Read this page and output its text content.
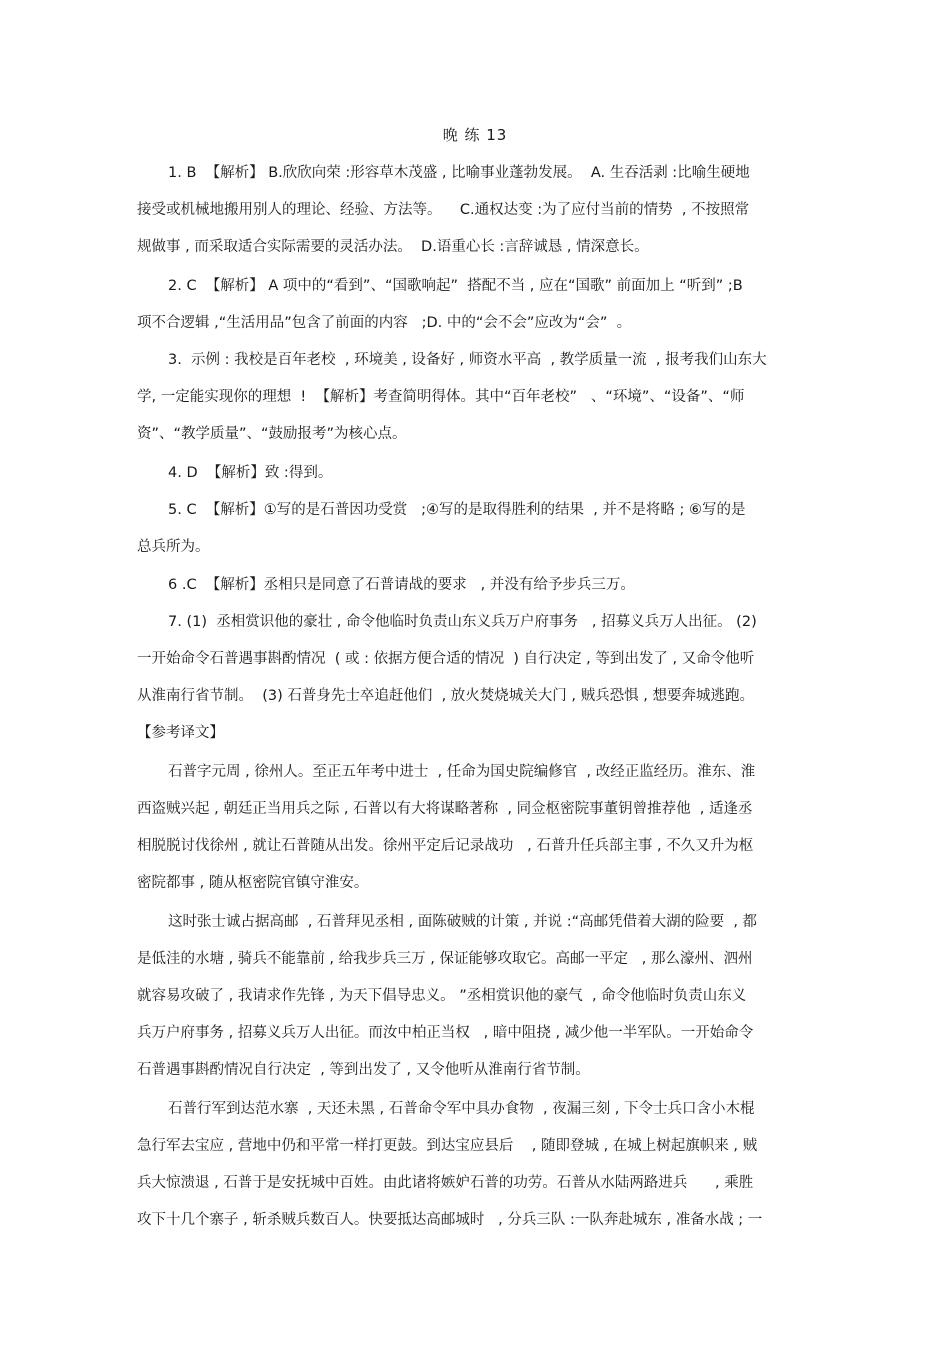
晚 练 13
1. B  【解析】 B.欣欣向荣 :形容草木茂盛 , 比喻事业蓬勃发展。  A. 生吞活剥 :比喻生硬地
接受或机械地搬用别人的理论、经验、方法等。    C.通权达变 :为了应付当前的情势  , 不按照常
规做事 , 而采取适合实际需要的灵活办法。  D.语重心长 :言辞诚恳 , 情深意长。
2. C  【解析】 A 项中的“看到”、“国歌响起”  搭配不当 , 应在“国歌” 前面加上 “听到” ;B
项不合逻辑 ,“生活用品”包含了前面的内容   ;D. 中的“会不会”应改为“会”  。
3.  示例 : 我校是百年老校  , 环境美 , 设备好 , 师资水平高  , 教学质量一流  , 报考我们山东大
学, 一定能实现你的理想  !  【解析】考查简明得体。其中“百年老校”   、“环境”、“设备”、“师
资”、“教学质量”、“鼓励报考”为核心点。
4. D  【解析】致 :得到。
5. C  【解析】①写的是石普因功受赏   ;④写的是取得胜利的结果  , 并不是将略 ; ⑥写的是
总兵所为。
6 .C  【解析】丞相只是同意了石普请战的要求   , 并没有给予步兵三万。
7. (1)  丞相赏识他的豪壮 , 命令他临时负责山东义兵万户府事务   , 招募义兵万人出征。 (2)
一开始命令石普遇事斟酌情况  ( 或 : 依据方便合适的情况  ) 自行决定 , 等到出发了 , 又命令他听
从淮南行省节制。  (3) 石普身先士卒追赶他们  , 放火焚烧城关大门 , 贼兵恐惧 , 想要奔城逃跑。
【参考译文】
石普字元周 , 徐州人。至正五年考中进士  , 任命为国史院编修官  , 改经正监经历。淮东、淮
西盗贼兴起 , 朝廷正当用兵之际 , 石普以有大将谋略著称  , 同佥枢密院事董钥曾推荐他  , 适逢丞
相脱脱讨伐徐州 , 就让石普随从出发。徐州平定后记录战功   , 石普升任兵部主事 , 不久又升为枢
密院都事 , 随从枢密院官镇守淮安。
这时张士诚占据高邮  , 石普拜见丞相 , 面陈破贼的计策 , 并说 :“高邮凭借着大湖的险要  , 都
是低洼的水塘 , 骑兵不能靠前 , 给我步兵三万 , 保证能够攻取它。高邮一平定   , 那么濠州、泗州
就容易攻破了 , 我请求作先锋 , 为天下倡导忠义。 ”丞相赏识他的豪气  , 命令他临时负责山东义
兵万户府事务 , 招募义兵万人出征。而汝中柏正当权   , 暗中阻挠 , 减少他一半军队。一开始命令
石普遇事斟酌情况自行决定  , 等到出发了 , 又令他听从淮南行省节制。
石普行军到达范水寨  , 天还未黑 , 石普命令军中具办食物  , 夜漏三刻 , 下令士兵口含小木棍
急行军去宝应 , 营地中仍和平常一样打更鼓。到达宝应县后    , 随即登城 , 在城上树起旗帜来 , 贼
兵大惊溃退 , 石普于是安抚城中百姓。由此诸将嫉妒石普的功劳。石普从水陆两路进兵      , 乘胜
攻下十几个寨子 , 斩杀贼兵数百人。快要抵达高邮城时   , 分兵三队 :一队奔赴城东 , 准备水战 ; 一
